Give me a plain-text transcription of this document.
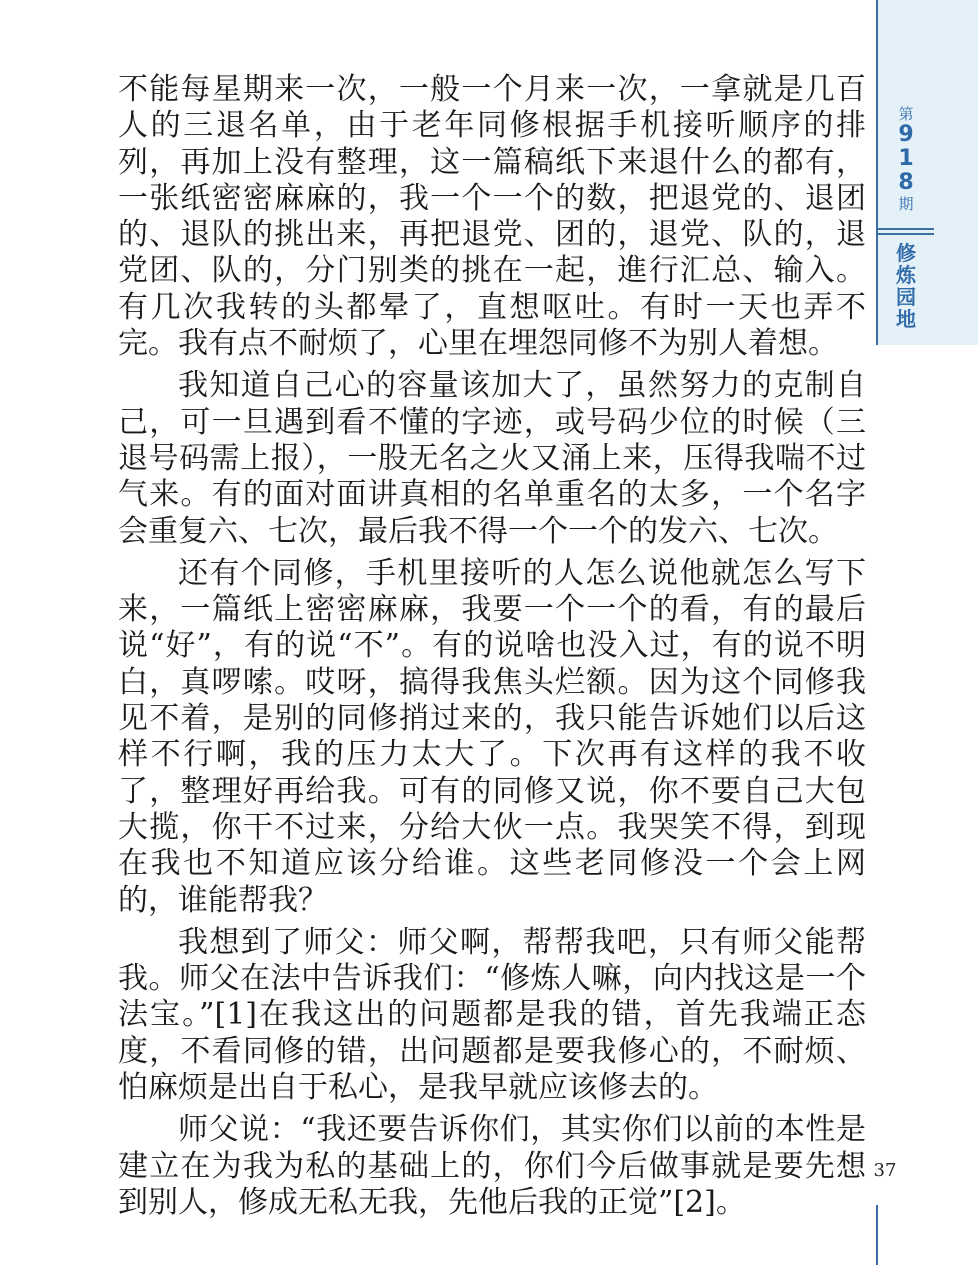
第
9
1
8
期
修
炼
园
地

不能每星期来一次，一般一个月来一次，一拿就是几百人的三退名单，由于老年同修根据手机接听顺序的排列，再加上没有整理，这一篇稿纸下来退什么的都有，一张纸密密麻麻的，我一个一个的数，把退党的、退团的、退队的挑出来，再把退党、团的，退党、队的，退党团、队的，分门别类的挑在一起，進行汇总、输入。有几次我转的头都晕了，直想呕吐。有时一天也弄不完。我有点不耐烦了，心里在埋怨同修不为别人着想。

我知道自己心的容量该加大了，虽然努力的克制自己，可一旦遇到看不懂的字迹，或号码少位的时候（三退号码需上报），一股无名之火又涌上来，压得我喘不过气来。有的面对面讲真相的名单重名的太多，一个名字会重复六、七次，最后我不得一个一个的发六、七次。

还有个同修，手机里接听的人怎么说他就怎么写下来，一篇纸上密密麻麻，我要一个一个的看，有的最后说“好”，有的说“不”。有的说啥也没入过，有的说不明白，真啰嗦。哎呀，搞得我焦头烂额。因为这个同修我见不着，是别的同修捎过来的，我只能告诉她们以后这样不行啊，我的压力太大了。下次再有这样的我不收了，整理好再给我。可有的同修又说，你不要自己大包大揽，你干不过来，分给大伙一点。我哭笑不得，到现在我也不知道应该分给谁。这些老同修没一个会上网的，谁能帮我？

我想到了师父：师父啊，帮帮我吧，只有师父能帮我。师父在法中告诉我们：“修炼人嘛，向内找这是一个法宝。”[1]在我这出的问题都是我的错，首先我端正态度，不看同修的错，出问题都是要我修心的，不耐烦、怕麻烦是出自于私心，是我早就应该修去的。

师父说：“我还要告诉你们，其实你们以前的本性是建立在为我为私的基础上的，你们今后做事就是要先想到别人，修成无私无我，先他后我的正觉”[2]。

37
